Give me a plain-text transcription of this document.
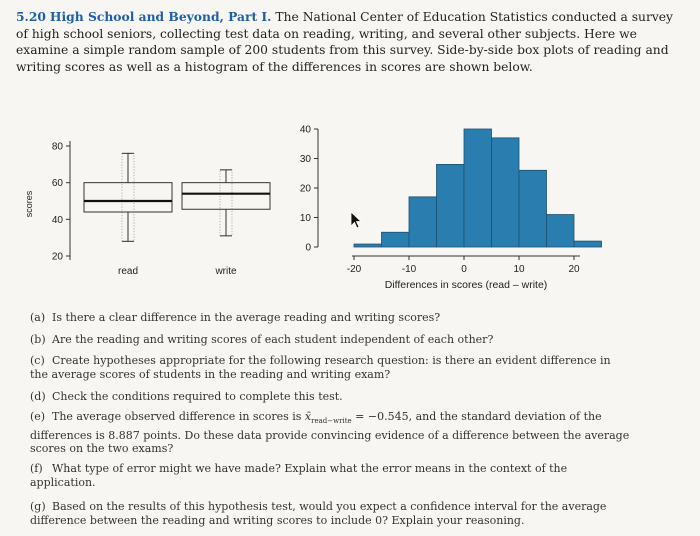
5.20 High School and Beyond, Part I. The National Center of Education Statistics conducted a survey of high school seniors, collecting test data on reading, writing, and several other subjects. Here we examine a simple random sample of 200 students from this survey. Side-by-side box plots of reading and writing scores as well as a histogram of the differences in scores are shown below.
20
40
60
80
scores
read	write
0
10
20
30
40
-20	-10	0	10	20
Differences in scores (read – write)
(a) Is there a clear difference in the average reading and writing scores?
(b) Are the reading and writing scores of each student independent of each other?
(c) Create hypotheses appropriate for the following research question: is there an evident difference in the average scores of students in the reading and writing exam?
(d) Check the conditions required to complete this test.
(e) The average observed difference in scores is $x̄_{read-write} = -0.545$, and the standard deviation of the differences is 8.887 points. Do these data provide convincing evidence of a difference between the average scores on the two exams?
(f) What type of error might we have made? Explain what the error means in the context of the application.
(g) Based on the results of this hypothesis test, would you expect a confidence interval for the average difference between the reading and writing scores to include 0? Explain your reasoning.
